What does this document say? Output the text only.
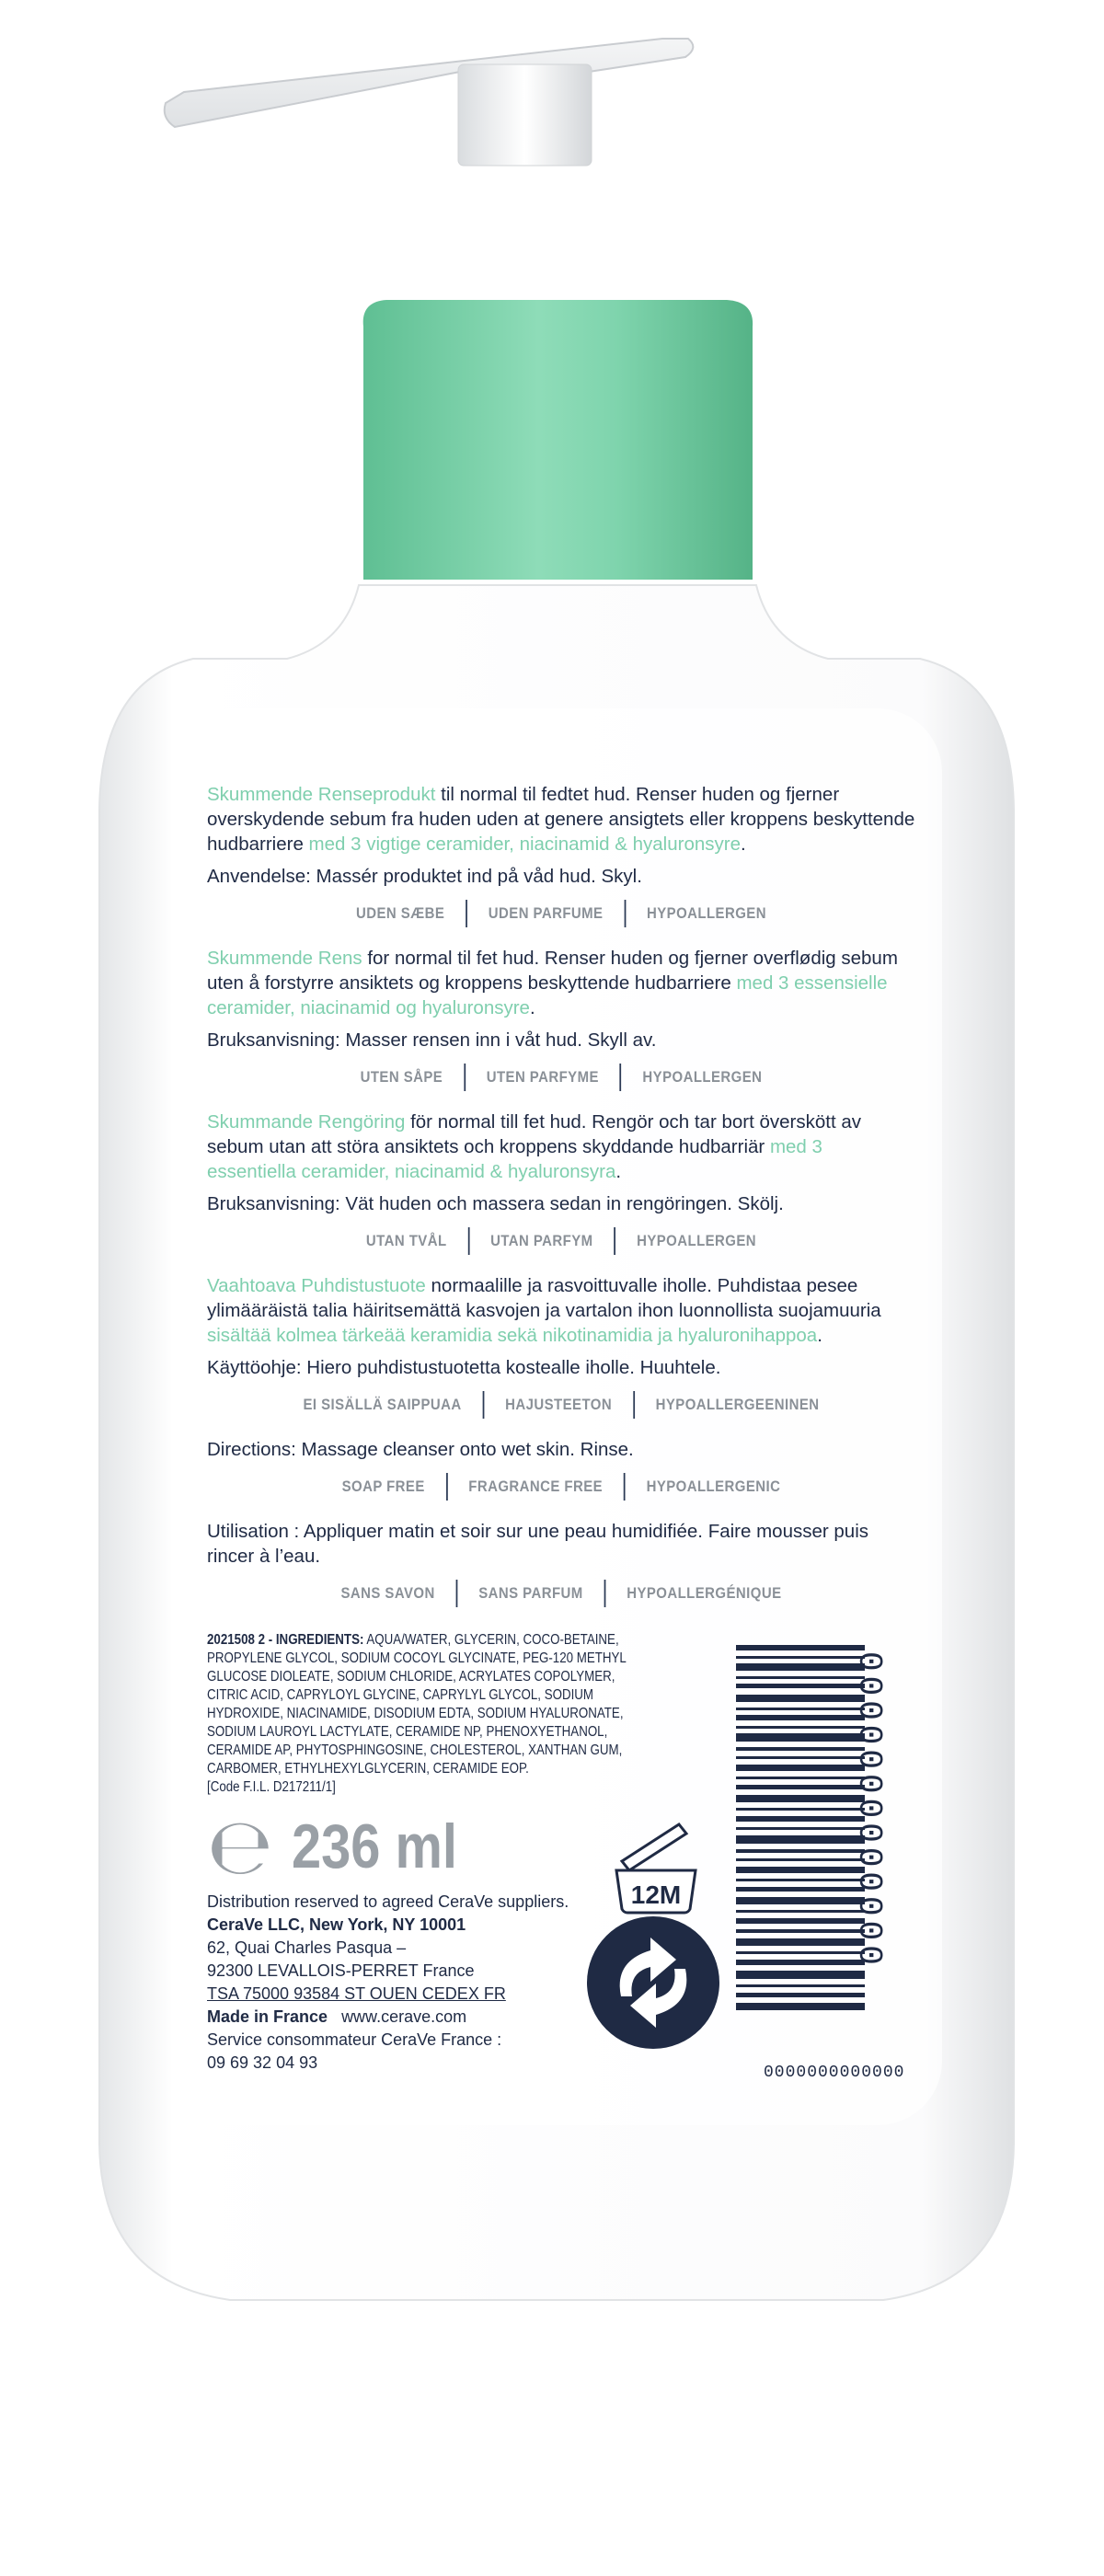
Skummende Renseprodukt til normal til fedtet hud. Renser huden og fjerner overskydende sebum fra huden uden at genere ansigtets eller kroppens beskyttende hudbarriere med 3 vigtige ceramider, niacinamid & hyaluronsyre.

Anvendelse: Massér produktet ind på våd hud. Skyl.

UDEN SÆBE	UDEN PARFUME	HYPOALLERGEN

Skummende Rens for normal til fet hud. Renser huden og fjerner overflødig sebum uten å forstyrre ansiktets og kroppens beskyttende hudbarriere med 3 essensielle ceramider, niacinamid og hyaluronsyre.

Bruksanvisning: Masser rensen inn i våt hud. Skyll av.

UTEN SÅPE	UTEN PARFYME	HYPOALLERGEN

Skummande Rengöring för normal till fet hud. Rengör och tar bort överskött av sebum utan att störa ansiktets och kroppens skyddande hudbarriär med 3 essentiella ceramider, niacinamid & hyaluronsyra.

Bruksanvisning: Vät huden och massera sedan in rengöringen. Skölj.

UTAN TVÅL	UTAN PARFYM	HYPOALLERGEN

Vaahtoava Puhdistustuote normaalille ja rasvoittuvalle iholle. Puhdistaa pesee ylimääräistä talia häiritsemättä kasvojen ja vartalon ihon luonnollista suojamuuria sisältää kolmea tärkeää keramidia sekä nikotinamidia ja hyaluronihappoa.

Käyttöohje: Hiero puhdistustuotetta kostealle iholle. Huuhtele.

EI SISÄLLÄ SAIPPUAA	HAJUSTEETON	HYPOALLERGEENINEN

Directions: Massage cleanser onto wet skin. Rinse.

SOAP FREE	FRAGRANCE FREE	HYPOALLERGENIC

Utilisation : Appliquer matin et soir sur une peau humidifiée. Faire mousser puis rincer à l’eau.

SANS SAVON	SANS PARFUM	HYPOALLERGÉNIQUE
2021508 2 - INGREDIENTS: AQUA/WATER, GLYCERIN, COCO-BETAINE, PROPYLENE GLYCOL, SODIUM COCOYL GLYCINATE, PEG-120 METHYL GLUCOSE DIOLEATE, SODIUM CHLORIDE, ACRYLATES COPOLYMER, CITRIC ACID, CAPRYLOYL GLYCINE, CAPRYLYL GLYCOL, SODIUM HYDROXIDE, NIACINAMIDE, DISODIUM EDTA, SODIUM HYALURONATE, SODIUM LAUROYL LACTYLATE, CERAMIDE NP, PHENOXYETHANOL, CERAMIDE AP, PHYTOSPHINGOSINE, CHOLESTEROL, XANTHAN GUM, CARBOMER, ETHYLHEXYLGLYCERIN, CERAMIDE EOP.
[Code F.I.L. D217211/1]
℮ 236 ml
12M
Distribution reserved to agreed CeraVe suppliers.
CeraVe LLC, New York, NY 10001
62, Quai Charles Pasqua –
92300 LEVALLOIS-PERRET France
TSA 75000 93584 ST OUEN CEDEX FR
Made in France www.cerave.com
Service consommateur CeraVe France :
09 69 32 04 93
0000000000000
0000000000000
